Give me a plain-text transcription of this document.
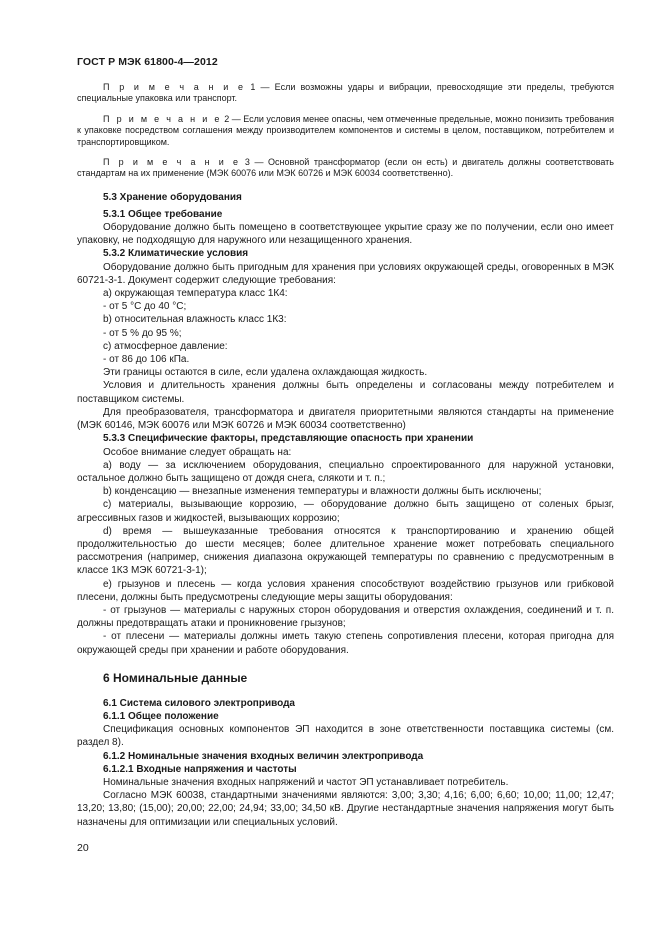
ГОСТ Р МЭК 61800-4—2012

П р и м е ч а н и е 1 — Если возможны удары и вибрации, превосходящие эти пределы, требуются специальные упаковка или транспорт.

П р и м е ч а н и е 2 — Если условия менее опасны, чем отмеченные предельные, можно понизить требования к упаковке посредством соглашения между производителем компонентов и системы в целом, поставщиком, потребителем и транспортировщиком.

П р и м е ч а н и е 3 — Основной трансформатор (если он есть) и двигатель должны соответствовать стандартам на их применение (МЭК 60076 или МЭК 60726 и МЭК 60034 соответственно).

5.3 Хранение оборудования
5.3.1 Общее требование

Оборудование должно быть помещено в соответствующее укрытие сразу же по получении, если оно имеет упаковку, не подходящую для наружного или незащищенного хранения.

5.3.2 Климатические условия

Оборудование должно быть пригодным для хранения при условиях окружающей среды, оговоренных в МЭК 60721-3-1. Документ содержит следующие требования:

a) окружающая температура класс 1К4:

- от 5 °С до 40 °С;

b) относительная влажность класс 1К3:

- от 5 % до 95 %;

c) атмосферное давление:

- от 86 до 106 кПа.

Эти границы остаются в силе, если удалена охлаждающая жидкость.

Условия и длительность хранения должны быть определены и согласованы между потребителем и поставщиком системы.

Для преобразователя, трансформатора и двигателя приоритетными являются стандарты на применение (МЭК 60146, МЭК 60076 или МЭК 60726 и МЭК 60034 соответственно)

5.3.3 Специфические факторы, представляющие опасность при хранении

Особое внимание следует обращать на:

a) воду — за исключением оборудования, специально спроектированного для наружной установки, остальное должно быть защищено от дождя снега, слякоти и т. п.;

b) конденсацию — внезапные изменения температуры и влажности должны быть исключены;

c) материалы, вызывающие коррозию, — оборудование должно быть защищено от соленых брызг, агрессивных газов и жидкостей, вызывающих коррозию;

d) время — вышеуказанные требования относятся к транспортированию и хранению общей продолжительностью до шести месяцев; более длительное хранение может потребовать специального рассмотрения (например, снижения диапазона окружающей температуры по сравнению с предусмотренным в классе 1К3 МЭК 60721-3-1);

e) грызунов и плесень — когда условия хранения способствуют воздействию грызунов или грибковой плесени, должны быть предусмотрены следующие меры защиты оборудования:

- от грызунов — материалы с наружных сторон оборудования и отверстия охлаждения, соединений и т. п. должны предотвращать атаки и проникновение грызунов;

- от плесени — материалы должны иметь такую степень сопротивления плесени, которая пригодна для окружающей среды при хранении и работе оборудования.

6 Номинальные данные
6.1 Система силового электропривода
6.1.1 Общее положение

Спецификация основных компонентов ЭП находится в зоне ответственности поставщика системы (см. раздел 8).

6.1.2 Номинальные значения входных величин электропривода
6.1.2.1 Входные напряжения и частоты

Номинальные значения входных напряжений и частот ЭП устанавливает потребитель.

Согласно МЭК 60038, стандартными значениями являются: 3,00; 3,30; 4,16; 6,00; 6,60; 10,00; 11,00; 12,47; 13,20; 13,80; (15,00); 20,00; 22,00; 24,94; 33,00; 34,50 кВ. Другие нестандартные значения напряжения могут быть назначены для оптимизации или специальных условий.

20
